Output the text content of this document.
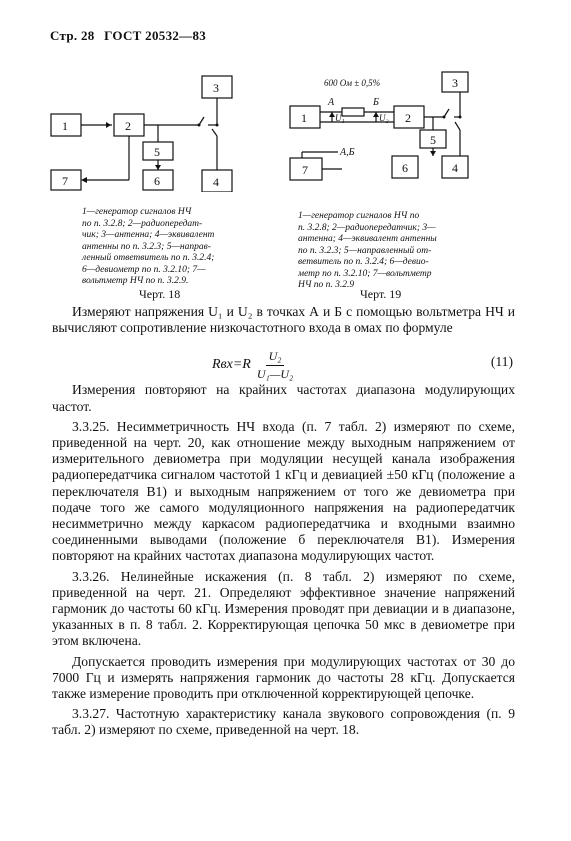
Стр. 28 ГОСТ 20532—83
1	2
3
4
5
6
7
1—генератор сигналов НЧ
по п. 3.2.8; 2—радиопередат-
чик; 3—антенна; 4—эквивалент
антенны по п. 3.2.3; 5—направ-
ленный ответвитель по п. 3.2.4;
6—девиометр по п. 3.2.10; 7—
вольтметр НЧ по п. 3.2.9.
Черт. 18
600 Ом ± 0,5%
А	Б
U₁	U₂
А,Б
1	2
3
4
5
6
7
1—генератор сигналов НЧ по
п. 3.2.8; 2—радиопередатчик; 3—
антенна; 4—эквивалент антенны
по п. 3.2.3; 5—направленный от-
ветвитель по п. 3.2.4; 6—девио-
метр по п. 3.2.10; 7—вольтметр
НЧ по п. 3.2.9
Черт. 19

Измеряют напряжения U₁ и U₂ в точках А и Б с помощью вольтметра НЧ и вычисляют сопротивление низкочастотного входа в омах по формуле

$Rвх=R \frac{\text{U₂}}{\text{U₁—U₂}}$	(11)

Измерения повторяют на крайних частотах диапазона модулирующих частот.

3.3.25. Несимметричность НЧ входа (п. 7 табл. 2) измеряют по схеме, приведенной на черт. 20, как отношение между выходным напряжением от измерительного девиометра при модуляции несущей канала изображения радиопередатчика сигналом частотой 1 кГц и девиацией ±50 кГц (положение а переключателя В1) и выходным напряжением от того же девиометра при подаче того же самого модуляционного напряжения на радиопередатчик несимметрично между каркасом радиопередатчика и входными взаимно соединенными выводами (положение б переключателя В1). Измерения повторяют на крайних частотах диапазона модулирующих частот.

3.3.26. Нелинейные искажения (п. 8 табл. 2) измеряют по схеме, приведенной на черт. 21. Определяют эффективное значение напряжений гармоник до частоты 60 кГц. Измерения проводят при девиации и в диапазоне, указанных в п. 8 табл. 2. Корректирующая цепочка 50 мкс в девиометре при этом включена.

Допускается проводить измерения при модулирующих частотах от 30 до 7000 Гц и измерять напряжения гармоник до частоты 28 кГц. Допускается также измерение проводить при отключенной корректирующей цепочке.

3.3.27. Частотную характеристику канала звукового сопровождения (п. 9 табл. 2) измеряют по схеме, приведенной на черт. 18.
